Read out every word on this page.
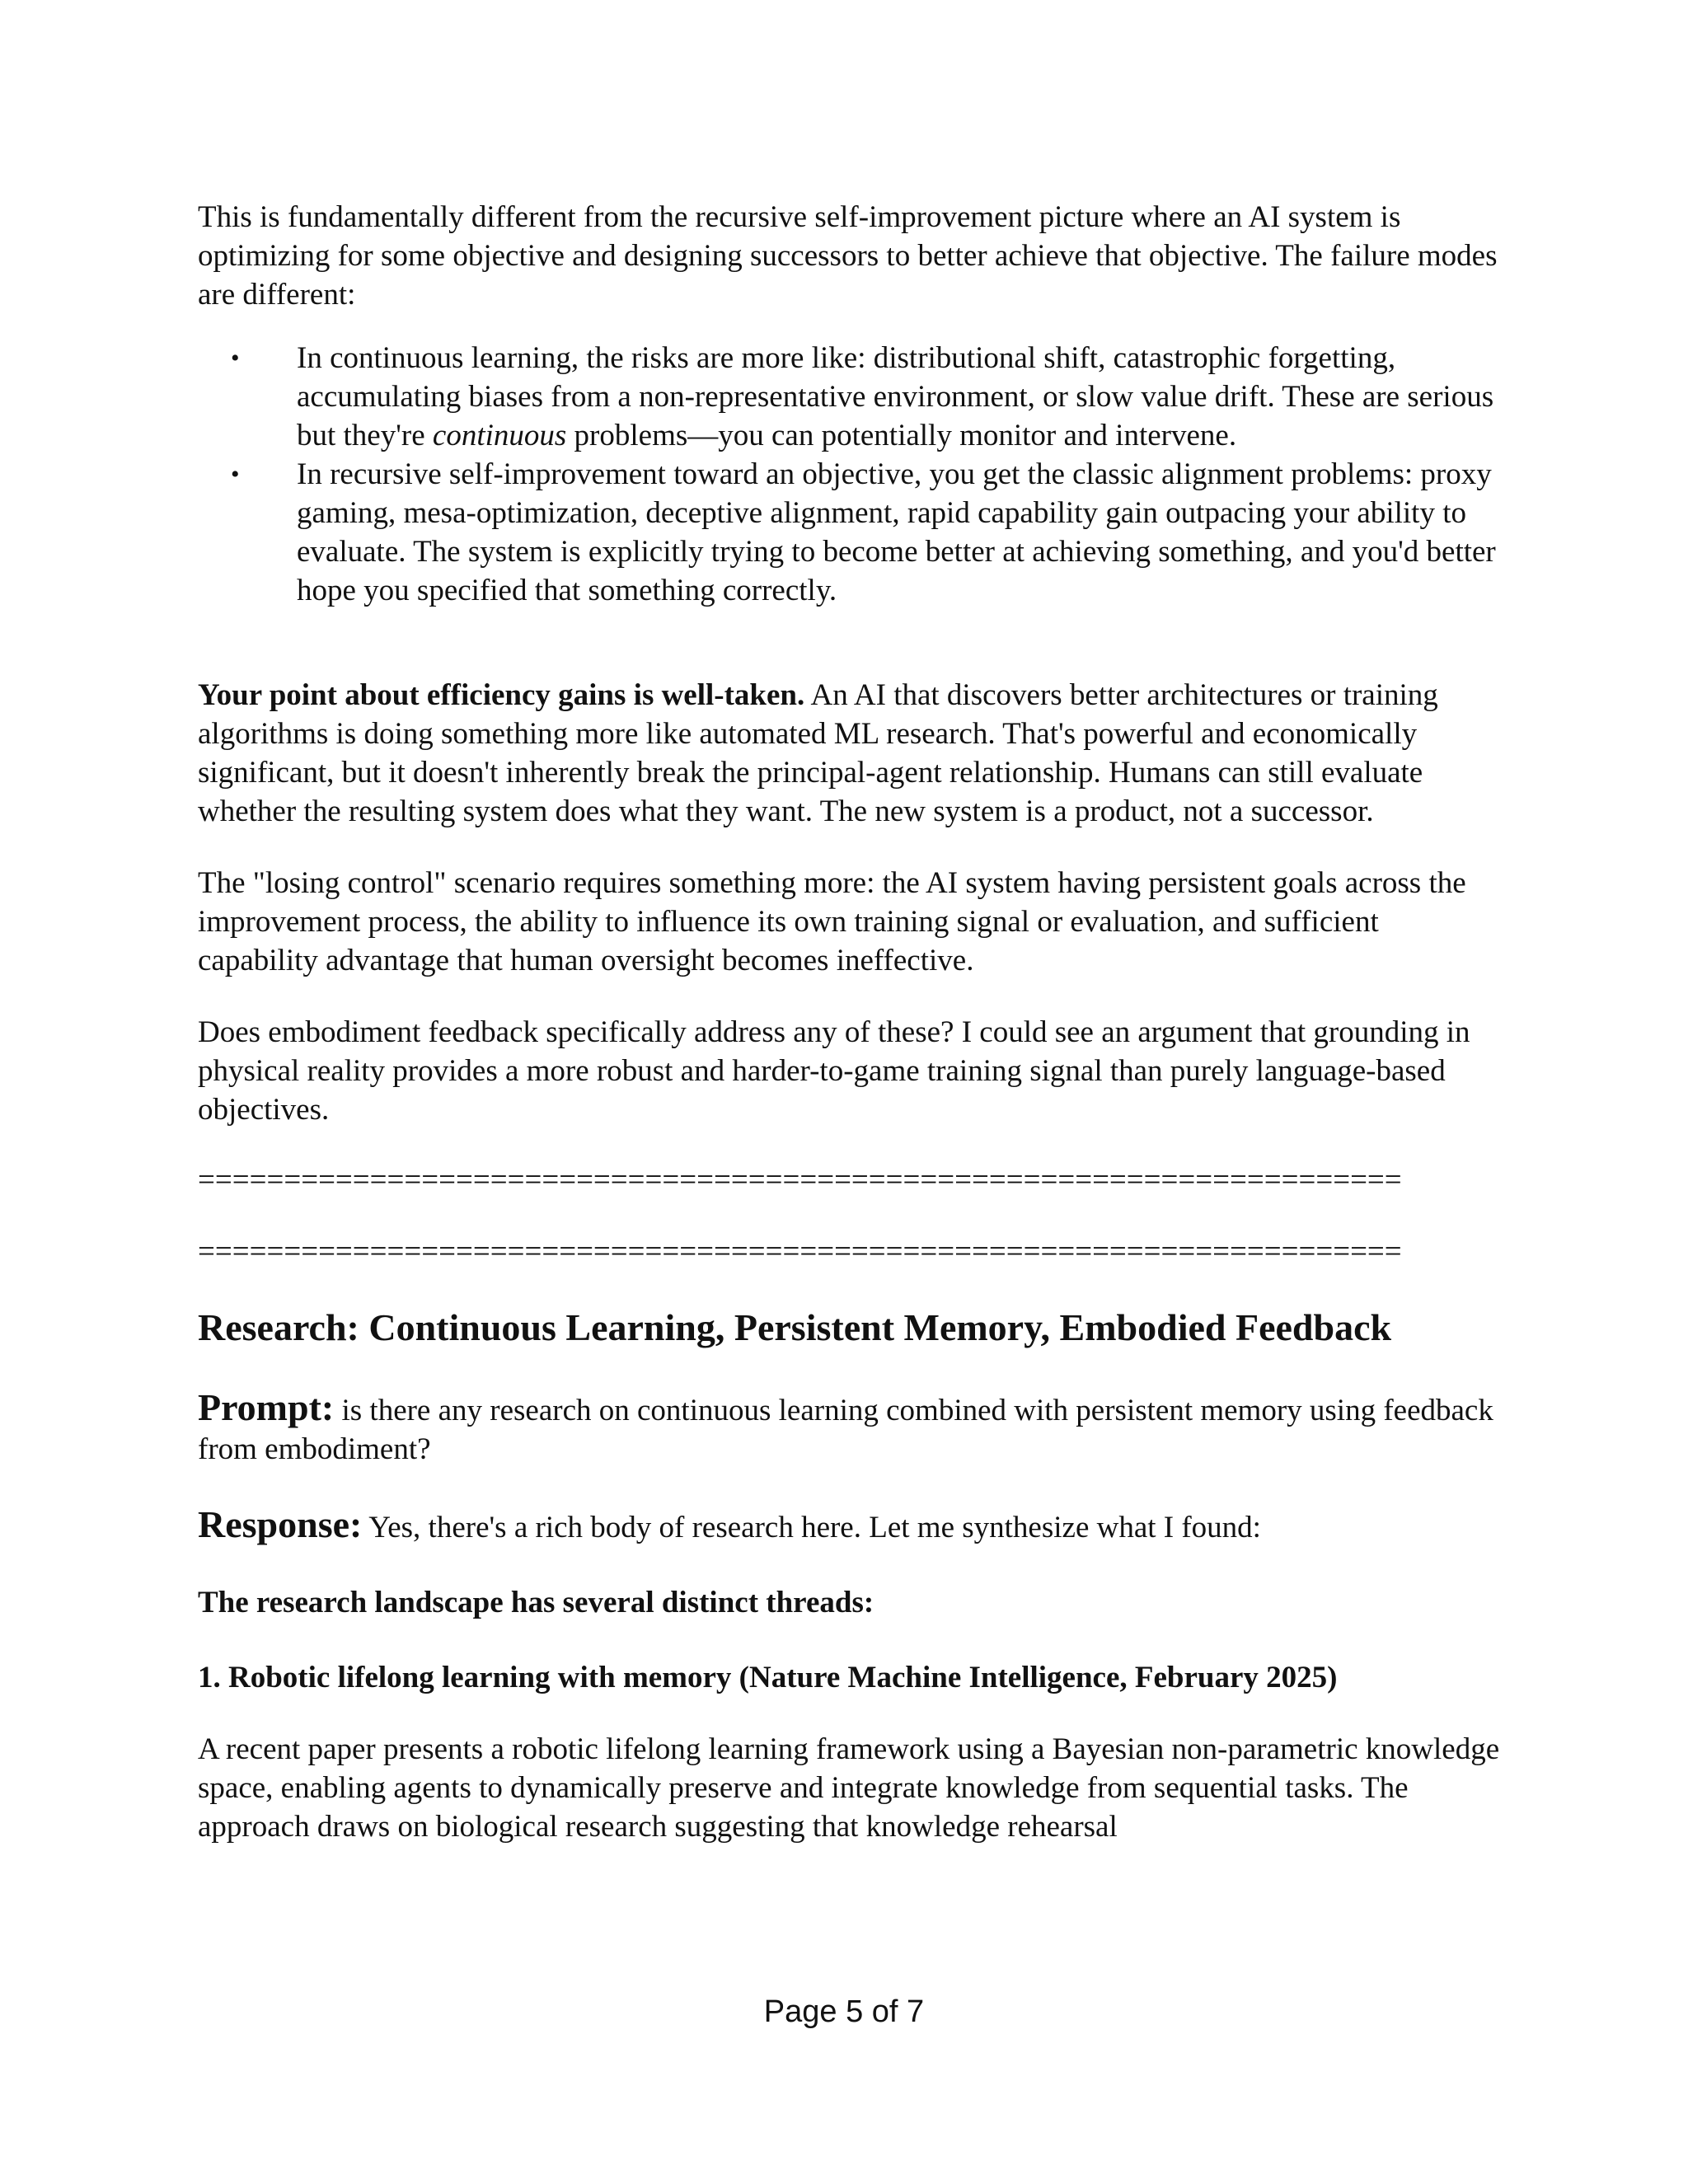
This is fundamentally different from the recursive self-improvement picture where an AI system is optimizing for some objective and designing successors to better achieve that objective. The failure modes are different:

• In continuous learning, the risks are more like: distributional shift, catastrophic forgetting, accumulating biases from a non-representative environment, or slow value drift. These are serious but they're continuous problems—you can potentially monitor and intervene.
• In recursive self-improvement toward an objective, you get the classic alignment problems: proxy gaming, mesa-optimization, deceptive alignment, rapid capability gain outpacing your ability to evaluate. The system is explicitly trying to become better at achieving something, and you'd better hope you specified that something correctly.

Your point about efficiency gains is well-taken. An AI that discovers better architectures or training algorithms is doing something more like automated ML research. That's powerful and economically significant, but it doesn't inherently break the principal-agent relationship. Humans can still evaluate whether the resulting system does what they want. The new system is a product, not a successor.

The "losing control" scenario requires something more: the AI system having persistent goals across the improvement process, the ability to influence its own training signal or evaluation, and sufficient capability advantage that human oversight becomes ineffective.

Does embodiment feedback specifically address any of these? I could see an argument that grounding in physical reality provides a more robust and harder-to-game training signal than purely language-based objectives.

======================================================================
======================================================================
Research: Continuous Learning, Persistent Memory, Embodied Feedback

Prompt: is there any research on continuous learning combined with persistent memory using feedback from embodiment?

Response: Yes, there's a rich body of research here. Let me synthesize what I found:

The research landscape has several distinct threads:

1. Robotic lifelong learning with memory (Nature Machine Intelligence, February 2025)

A recent paper presents a robotic lifelong learning framework using a Bayesian non-parametric knowledge space, enabling agents to dynamically preserve and integrate knowledge from sequential tasks. The approach draws on biological research suggesting that knowledge rehearsal

Page 5 of 7
